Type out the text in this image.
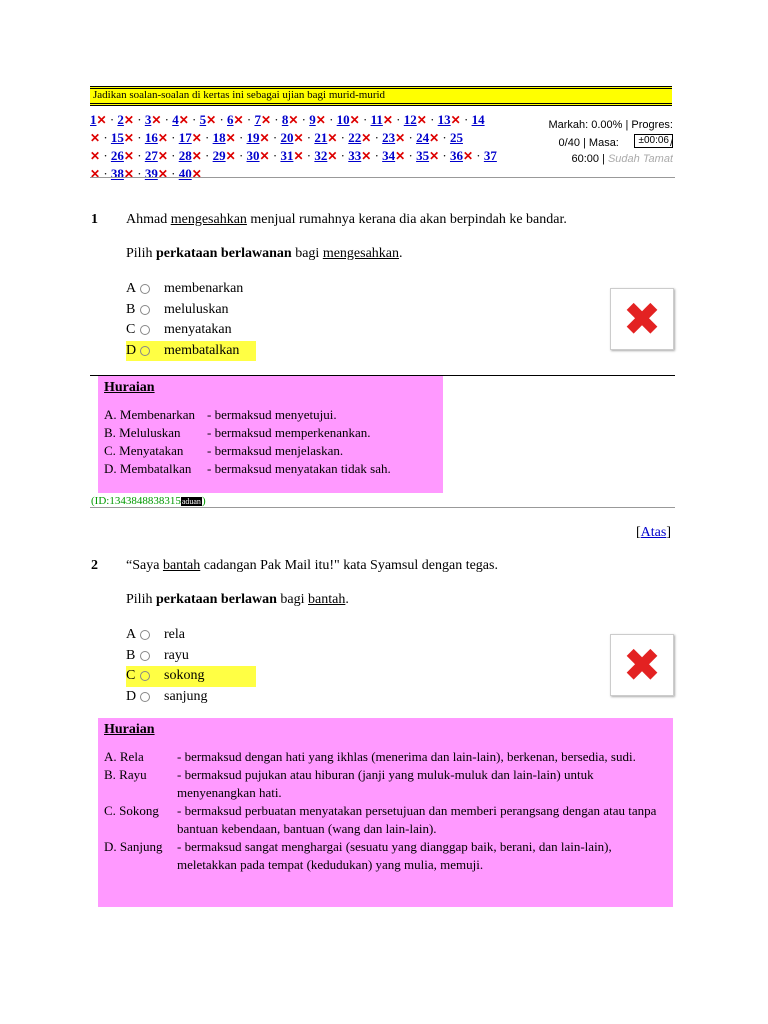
Jadikan soalan-soalan di kertas ini sebagai ujian bagi murid-murid
1✕ · 2✕ · 3✕ · 4✕ · 5✕ · 6✕ · 7✕ · 8✕ · 9✕ · 10✕ · 11✕ · 12✕ · 13✕ · 14
✕ · 15✕ · 16✕ · 17✕ · 18✕ · 19✕ · 20✕ · 21✕ · 22✕ · 23✕ · 24✕ · 25
✕ · 26✕ · 27✕ · 28✕ · 29✕ · 30✕ · 31✕ · 32✕ · 33✕ · 34✕ · 35✕ · 36✕ · 37
✕ · 38✕ · 39✕ · 40✕
Markah: 0.00% | Progres:
±00:06
0/40 | Masa:	/
60:00 | Sudah Tamat
1 Ahmad mengesahkan menjual rumahnya kerana dia akan berpindah ke bandar.
Pilih perkataan berlawanan bagi mengesahkan.
A membenarkan
B	meluluskan
C	menyatakan
D membatalkan
✖
Huraian
A. Membenarkan - bermaksud menyetujui.
B. Meluluskan	- bermaksud memperkenankan.
C. Menyatakan	- bermaksud menjelaskan.
D. Membatalkan	- bermaksud menyatakan tidak sah.
(ID:1343848838315aduan)
[Atas]
2 “Saya bantah cadangan Pak Mail itu!" kata Syamsul dengan tegas.
Pilih perkataan berlawan bagi bantah.
A rela
B	rayu
C	sokong
D sanjung
✖
Huraian
A. Rela	- bermaksud dengan hati yang ikhlas (menerima dan lain-lain), berkenan, bersedia, sudi.
B. Rayu	- bermaksud pujukan atau hiburan (janji yang muluk-muluk dan lain-lain) untuk menyenangkan hati.
C. Sokong	- bermaksud perbuatan menyatakan persetujuan dan memberi perangsang dengan atau tanpa bantuan kebendaan, bantuan (wang dan lain-lain).
D. Sanjung	- bermaksud sangat menghargai (sesuatu yang dianggap baik, berani, dan lain-lain), meletakkan pada tempat (kedudukan) yang mulia, memuji.
